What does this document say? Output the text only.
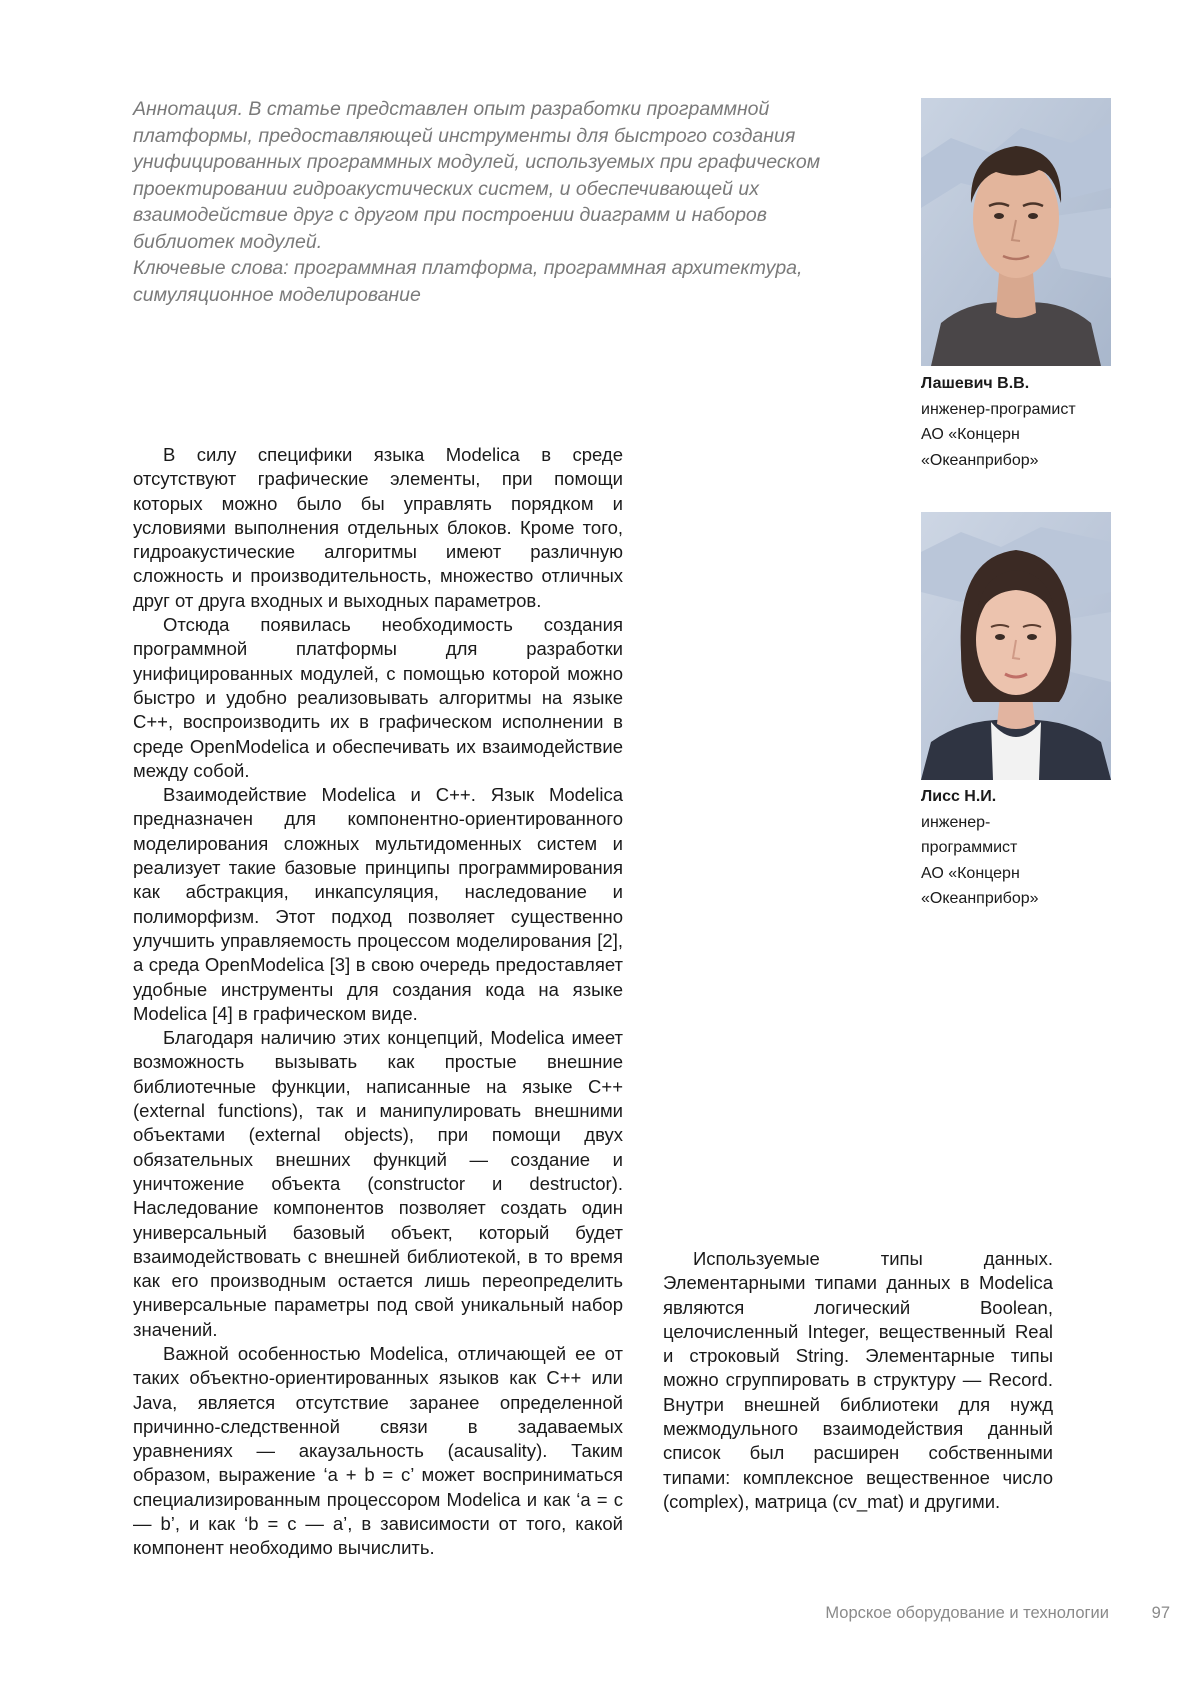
Аннотация. В статье представлен опыт разработки программной платформы, предоставляющей инструменты для быстрого создания унифицированных программных модулей, используемых при графическом проектировании гидроакустических систем, и обеспечивающей их взаимодействие друг с другом при построении диаграмм и наборов библиотек модулей.

Ключевые слова: программная платформа, программная архитектура, симуляционное моделирование

Лашевич В.В.
инженер-програмист
АО «Концерн
«Океанприбор»
Лисс Н.И.
инженер-
программист
АО «Концерн
«Океанприбор»

В силу специфики языка Modelica в среде отсутствуют графические элементы, при помощи которых можно было бы управлять порядком и условиями выполнения отдельных блоков. Кроме того, гидроакустические алгоритмы имеют различную сложность и производительность, множество отличных друг от друга входных и выходных параметров.

Отсюда появилась необходимость создания программной платформы для разработки унифицированных модулей, с помощью которой можно быстро и удобно реализовывать алгоритмы на языке C++, воспроизводить их в графическом исполнении в среде OpenModelica и обеспечивать их взаимодействие между собой.

Взаимодействие Modelica и C++. Язык Modelica предназначен для компонентно-ориентированного моделирования сложных мультидоменных систем и реализует такие базовые принципы программирования как абстракция, инкапсуляция, наследование и полиморфизм. Этот подход позволяет существенно улучшить управляемость процессом моделирования [2], а среда OpenModelica [3] в свою очередь предоставляет удобные инструменты для создания кода на языке Modelica [4] в графическом виде.

Благодаря наличию этих концепций, Modelica имеет возможность вызывать как простые внешние библиотечные функции, написанные на языке C++ (external functions), так и манипулировать внешними объектами (external objects), при помощи двух обязательных внешних функций — создание и уничтожение объекта (constructor и destructor). Наследование компонентов позволяет создать один универсальный базовый объект, который будет взаимодействовать с внешней библиотекой, в то время как его производным остается лишь переопределить универсальные параметры под свой уникальный набор значений.

Важной особенностью Modelica, отличающей ее от таких объектно-ориентированных языков как C++ или Java, является отсутствие заранее определенной причинно-следственной связи в задаваемых уравнениях — акаузальность (acausality). Таким образом, выражение ‘a + b = c’ может восприниматься специализированным процессором Modelica и как ‘a = c — b’, и как ‘b = c — a’, в зависимости от того, какой компонент необходимо вычислить.

Используемые типы данных. Элементарными типами данных в Modelica являются логический Boolean, целочисленный Integer, вещественный Real и строковый String. Элементарные типы можно сгруппировать в структуру — Record. Внутри внешней библиотеки для нужд межмодульного взаимодействия данный список был расширен собственными типами: комплексное вещественное число (complex), матрица (cv_mat) и другими.

Морское оборудование и технологии	97
